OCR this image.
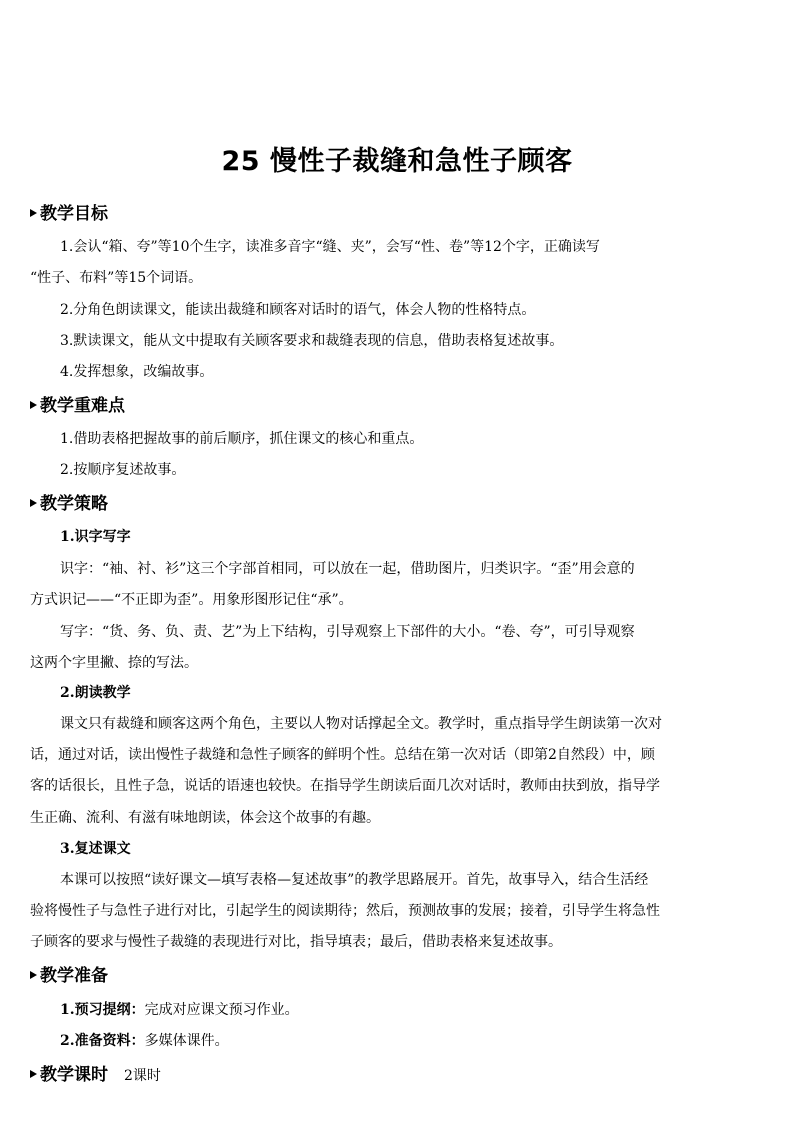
25 慢性子裁缝和急性子顾客
教学目标
1.会认“箱、夸”等10个生字，读准多音字“缝、夹”，会写“性、卷”等12个字，正确读写
“性子、布料”等15个词语。
2.分角色朗读课文，能读出裁缝和顾客对话时的语气，体会人物的性格特点。
3.默读课文，能从文中提取有关顾客要求和裁缝表现的信息，借助表格复述故事。
4.发挥想象，改编故事。
教学重难点
1.借助表格把握故事的前后顺序，抓住课文的核心和重点。
2.按顺序复述故事。
教学策略
1.识字写字
识字：“袖、衬、衫”这三个字部首相同，可以放在一起，借助图片，归类识字。“歪”用会意的
方式识记——“不正即为歪”。用象形图形记住“承”。
写字：“货、务、负、责、艺”为上下结构，引导观察上下部件的大小。“卷、夸”，可引导观察
这两个字里撇、捺的写法。
2.朗读教学
课文只有裁缝和顾客这两个角色，主要以人物对话撑起全文。教学时，重点指导学生朗读第一次对
话，通过对话，读出慢性子裁缝和急性子顾客的鲜明个性。总结在第一次对话（即第2自然段）中，顾
客的话很长，且性子急，说话的语速也较快。在指导学生朗读后面几次对话时，教师由扶到放，指导学
生正确、流利、有滋有味地朗读，体会这个故事的有趣。
3.复述课文
本课可以按照“读好课文—填写表格—复述故事”的教学思路展开。首先，故事导入，结合生活经
验将慢性子与急性子进行对比，引起学生的阅读期待；然后，预测故事的发展；接着，引导学生将急性
子顾客的要求与慢性子裁缝的表现进行对比，指导填表；最后，借助表格来复述故事。
教学准备
1.预习提纲：完成对应课文预习作业。
2.准备资料：多媒体课件。
教学课时 2课时
